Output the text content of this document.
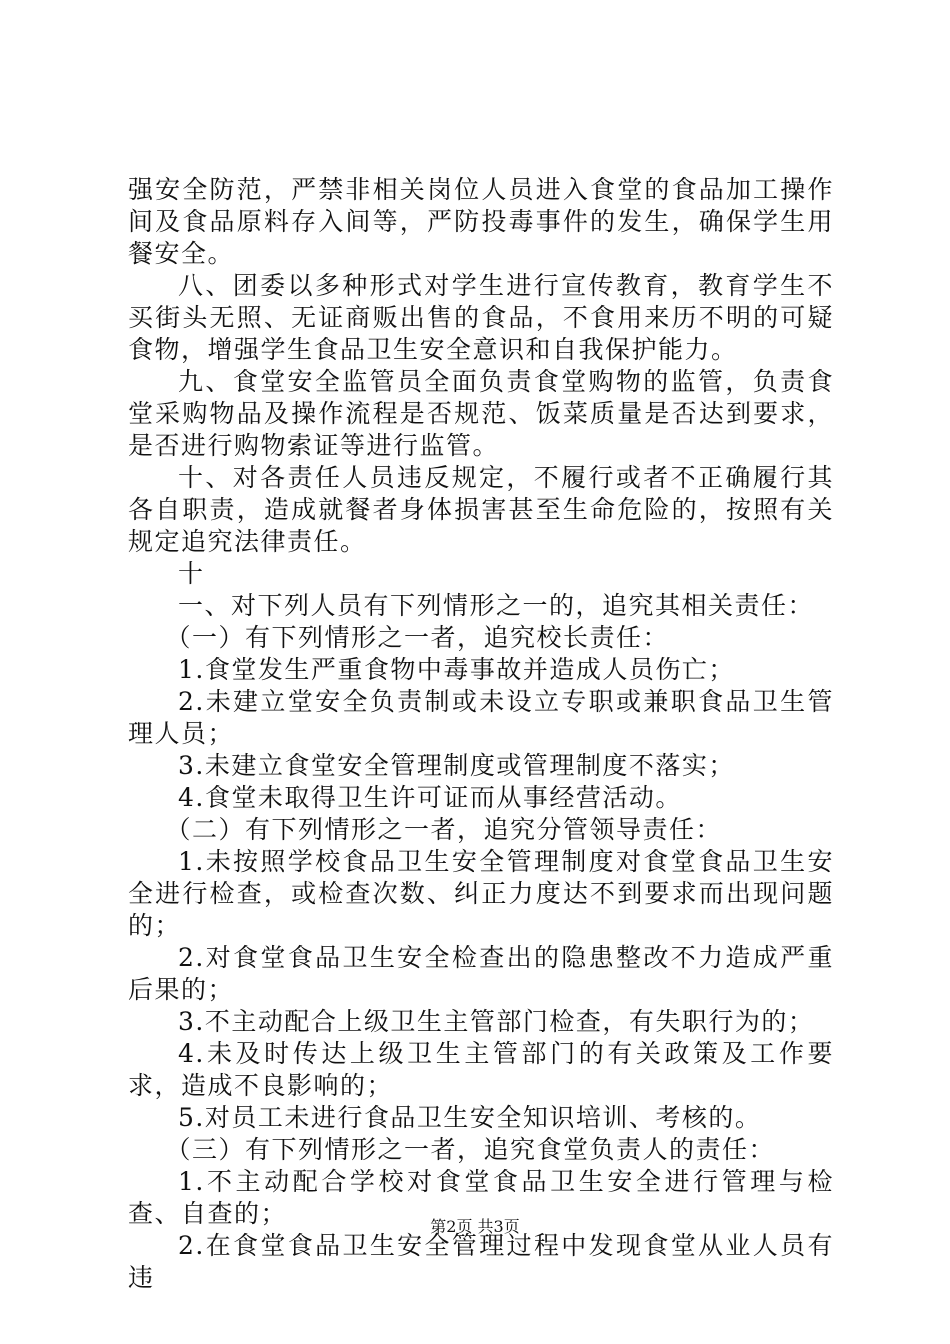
强安全防范，严禁非相关岗位人员进入食堂的食品加工操作间及食品原料存入间等，严防投毒事件的发生，确保学生用餐安全。

八、团委以多种形式对学生进行宣传教育，教育学生不买街头无照、无证商贩出售的食品，不食用来历不明的可疑食物，增强学生食品卫生安全意识和自我保护能力。

九、食堂安全监管员全面负责食堂购物的监管，负责食堂采购物品及操作流程是否规范、饭菜质量是否达到要求，是否进行购物索证等进行监管。

十、对各责任人员违反规定，不履行或者不正确履行其各自职责，造成就餐者身体损害甚至生命危险的，按照有关规定追究法律责任。

十

一、对下列人员有下列情形之一的，追究其相关责任：

（一）有下列情形之一者，追究校长责任：

1.食堂发生严重食物中毒事故并造成人员伤亡；

2.未建立堂安全负责制或未设立专职或兼职食品卫生管理人员；

3.未建立食堂安全管理制度或管理制度不落实；

4.食堂未取得卫生许可证而从事经营活动。

（二）有下列情形之一者，追究分管领导责任：

1.未按照学校食品卫生安全管理制度对食堂食品卫生安全进行检查，或检查次数、纠正力度达不到要求而出现问题的；

2.对食堂食品卫生安全检查出的隐患整改不力造成严重后果的；

3.不主动配合上级卫生主管部门检查，有失职行为的；

4.未及时传达上级卫生主管部门的有关政策及工作要求，造成不良影响的；

5.对员工未进行食品卫生安全知识培训、考核的。

（三）有下列情形之一者，追究食堂负责人的责任：

1.不主动配合学校对食堂食品卫生安全进行管理与检查、自查的；

2.在食堂食品卫生安全管理过程中发现食堂从业人员有违

第2页 共3页
